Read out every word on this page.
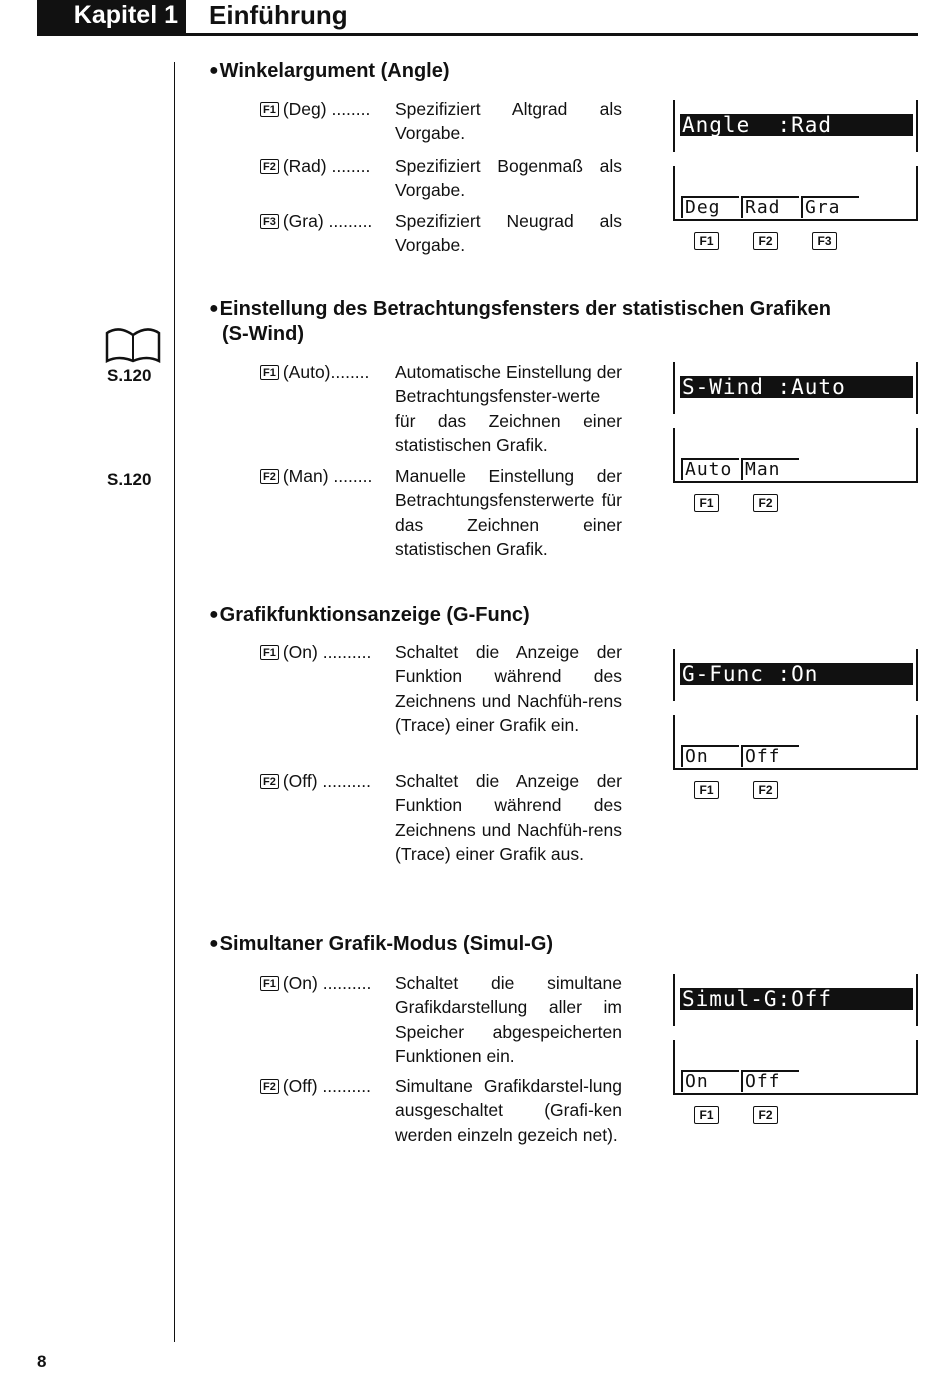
Kapitel 1	Einführung
S.120
S.120
●Winkelargument (Angle)
F1 (Deg) ........	Spezifiziert Altgrad als Vorgabe.
F2 (Rad) ........	Spezifiziert Bogenmaß als Vorgabe.
F3 (Gra) .........	Spezifiziert Neugrad als Vorgabe.
Angle  :Rad
Deg	Rad	Gra
F1	F2	F3
●Einstellung des Betrachtungsfensters der statistischen Grafiken
(S-Wind)
F1 (Auto)........	Automatische Einstellung der Betrachtungsfenster-werte für das Zeichnen einer statistischen Grafik.
F2 (Man) ........	Manuelle Einstellung der Betrachtungsfensterwerte für das Zeichnen einer statistischen Grafik.
S-Wind :Auto
Auto Man
F1	F2
●Grafikfunktionsanzeige (G-Func)
F1 (On) ..........	Schaltet die Anzeige der Funktion während des Zeichnens und Nachfüh-rens (Trace) einer Grafik ein.
F2 (Off) ..........	Schaltet die Anzeige der Funktion während des Zeichnens und Nachfüh-rens (Trace) einer Grafik aus.
G-Func :On
On	Off
F1	F2
●Simultaner Grafik-Modus (Simul-G)
F1 (On) ..........	Schaltet die simultane Grafikdarstellung aller im Speicher abgespeicherten Funktionen ein.
F2 (Off) ..........	Simultane Grafikdarstel-lung ausgeschaltet (Grafi-ken werden einzeln gezeich net).
Simul-G:Off
On	Off
F1	F2
8
